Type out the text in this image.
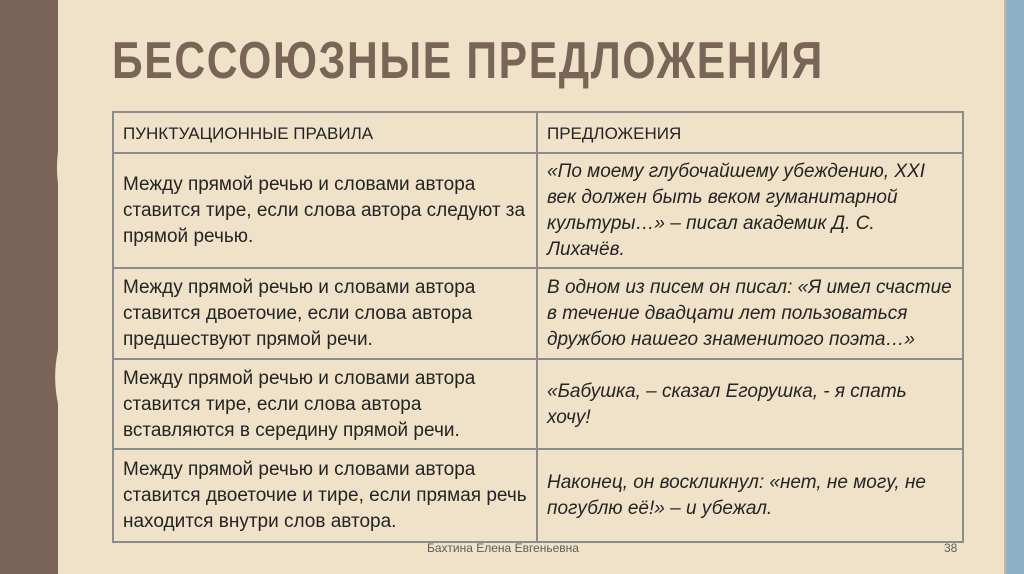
БЕССОЮЗНЫЕ ПРЕДЛОЖЕНИЯ
ПУНКТУАЦИОННЫЕ ПРАВИЛА	ПРЕДЛОЖЕНИЯ
Между прямой речью и словами автора ставится тире, если слова автора следуют за прямой речью.	«По моему глубочайшему убеждению, XXI век должен быть веком гуманитарной культуры…» – писал академик Д. С. Лихачёв.
Между прямой речью и словами автора ставится двоеточие, если слова автора предшествуют прямой речи.	В одном из писем он писал: «Я имел счастие в течение двадцати лет пользоваться дружбою нашего знаменитого поэта…»
Между прямой речью и словами автора ставится тире, если слова автора вставляются в середину прямой речи.	«Бабушка, – сказал Егорушка, - я спать хочу!
Между прямой речью и словами автора ставится двоеточие и тире, если прямая речь находится внутри слов автора.	Наконец, он воскликнул: «нет, не могу, не погублю её!» – и убежал.
Бахтина Елена Евгеньевна	38
